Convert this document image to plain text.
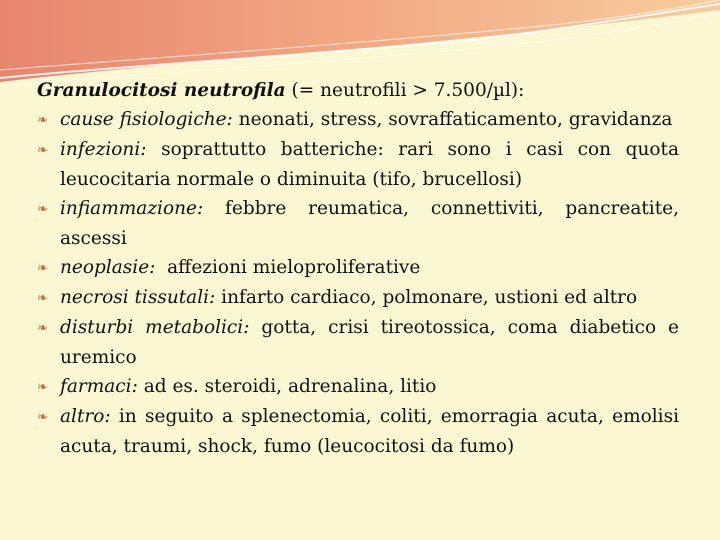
Granulocitosi neutrofila (= neutrofili > 7.500/µl):
❧ cause fisiologiche: neonati, stress, sovraffaticamento, gravidanza
❧ infezioni: soprattutto batteriche: rari sono i casi con quota leucocitaria normale o diminuita (tifo, brucellosi)
❧ infiammazione: febbre reumatica, connettiviti, pancreatite, ascessi
❧ neoplasie:  affezioni mieloproliferative
❧ necrosi tissutali: infarto cardiaco, polmonare, ustioni ed altro
❧ disturbi metabolici: gotta, crisi tireotossica, coma diabetico e uremico
❧ farmaci: ad es. steroidi, adrenalina, litio
❧ altro: in seguito a splenectomia, coliti, emorragia acuta, emolisi acuta, traumi, shock, fumo (leucocitosi da fumo)
